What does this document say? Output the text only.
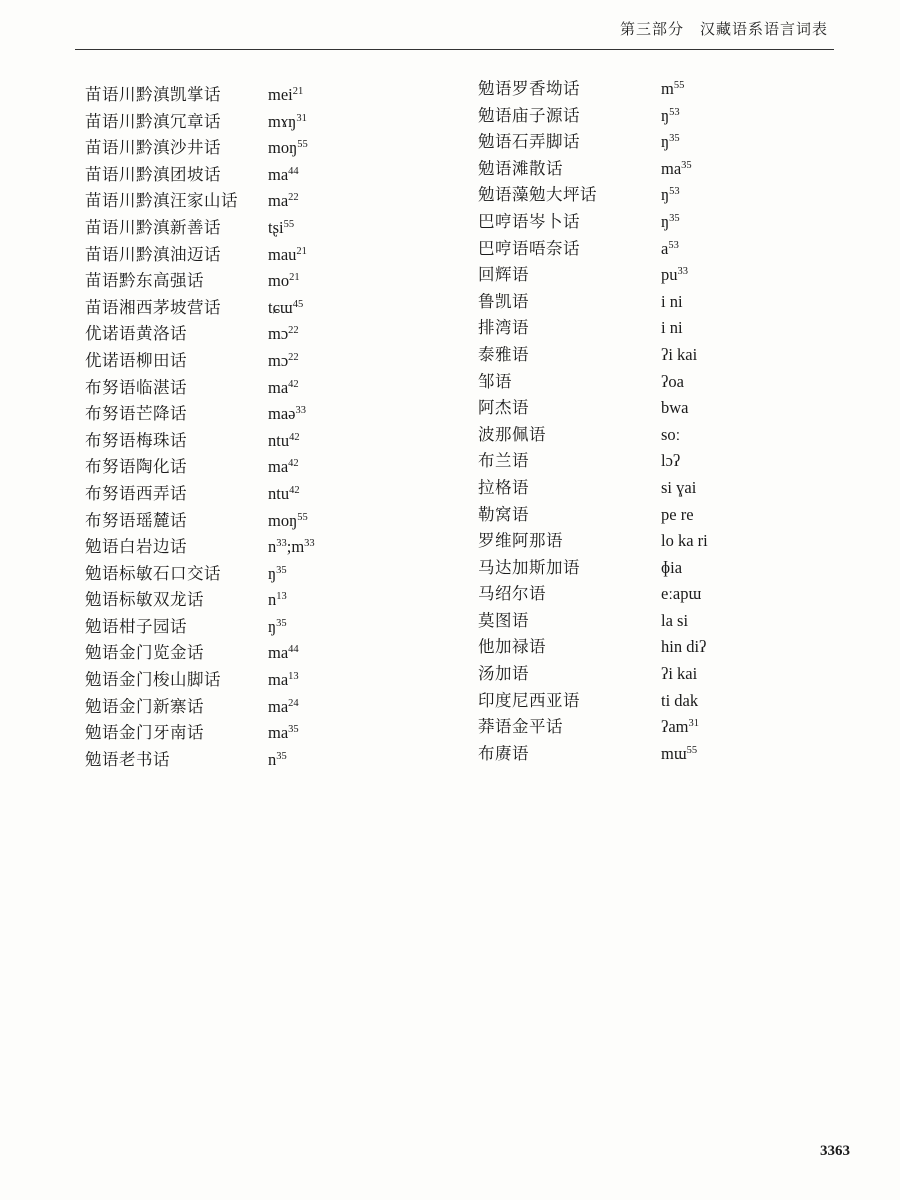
第三部分　汉藏语系语言词表
苗语川黔滇凯掌话	mei$^{21}$
苗语川黔滇冗章话	mɤŋ$^{31}$
苗语川黔滇沙井话	moŋ$^{55}$
苗语川黔滇团坡话	$ma^{44}$
苗语川黔滇汪家山话 $ma^{22}$
苗语川黔滇新善话	tʂi$^{55}$
苗语川黔滇油迈话	mau$^{21}$
苗语黔东高强话	$mo^{21}$
苗语湘西茅坡营话	tɕɯ$^{45}$
优诺语黄洛话	mɔ$^{22}$
优诺语柳田话	mɔ$^{22}$
布努语临湛话	$ma^{42}$
布努语芒降话	maə$^{33}$
布努语梅珠话	ntu$^{42}$
布努语陶化话	$ma^{42}$
布努语西弄话	ntu$^{42}$
布努语瑶麓话	moŋ$^{55}$
勉语白岩边话	$n^{33};m^{33}$
勉语标敏石口交话	$ŋ^{35}$
勉语标敏双龙话	$n^{13}$
勉语柑子园话	$ŋ^{35}$
勉语金门览金话	$ma^{44}$
勉语金门梭山脚话	$ma^{13}$
勉语金门新寨话	$ma^{24}$
勉语金门牙南话	$ma^{35}$
勉语老书话	$n^{35}$
勉语罗香坳话	$m^{55}$
勉语庙子源话	$ŋ^{53}$
勉语石弄脚话	$ŋ^{35}$
勉语滩散话	$ma^{35}$
勉语藻勉大坪话	$ŋ^{53}$
巴哼语岑卜话	$ŋ^{35}$
巴哼语唔奈话	$a^{53}$
回辉语	$pu^{33}$
鲁凯语	i ni
排湾语	i ni
泰雅语	ʔi kai
邹语	ʔoa
阿杰语	bwa
波那佩语	soː
布兰语	lɔʔ
拉格语	si ɣai
勒窝语	pe re
罗维阿那语	lo ka ri
马达加斯加语	ɸia
马绍尔语	eːapɯ
莫图语	la si
他加禄语	hin diʔ
汤加语	ʔi kai
印度尼西亚语	ti dak
莽语金平话	ʔam$^{31}$
布赓语	mɯ$^{55}$
3363
